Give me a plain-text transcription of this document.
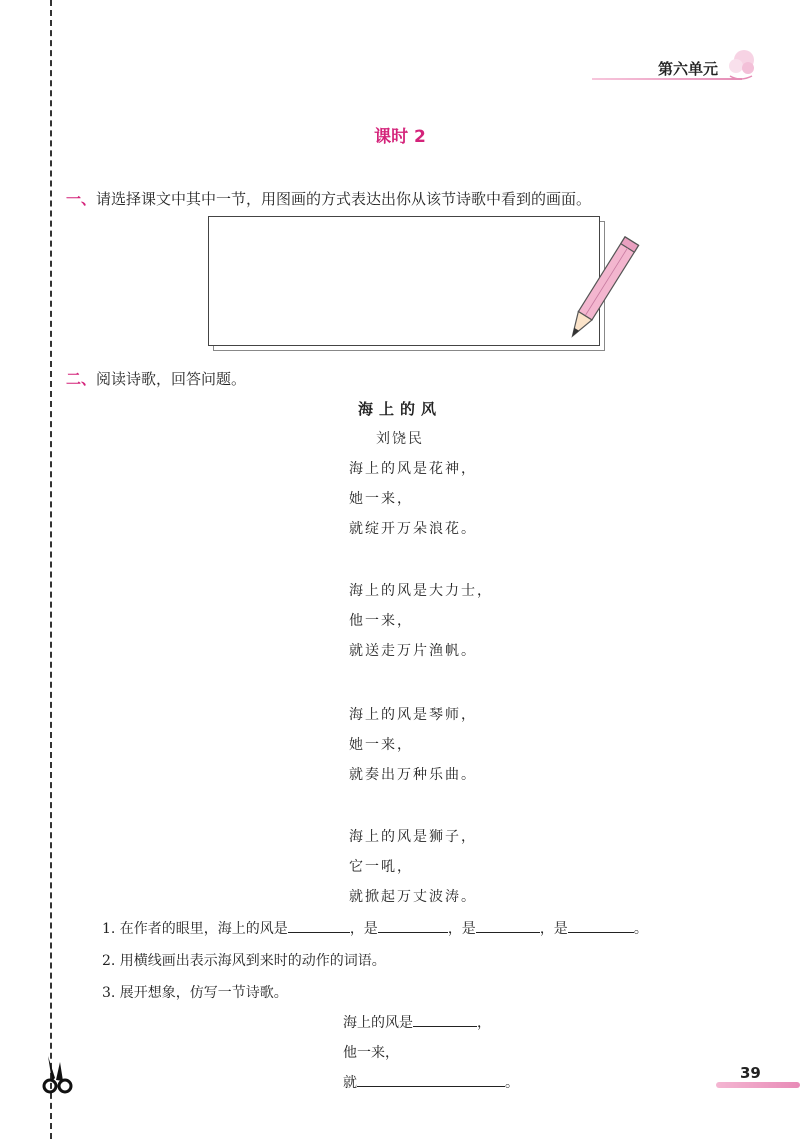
第六单元
课时 2
一、请选择课文中其中一节，用图画的方式表达出你从该节诗歌中看到的画面。
二、阅读诗歌，回答问题。
海上的风
刘饶民
海上的风是花神，
她一来，
就绽开万朵浪花。
海上的风是大力士，
他一来，
就送走万片渔帆。
海上的风是琴师，
她一来，
就奏出万种乐曲。
海上的风是狮子，
它一吼，
就掀起万丈波涛。
1. 在作者的眼里，海上的风是	，是	，是	，是	。
2. 用横线画出表示海风到来时的动作的词语。
3. 展开想象，仿写一节诗歌。
海上的风是	，
他一来，
就	。
39
